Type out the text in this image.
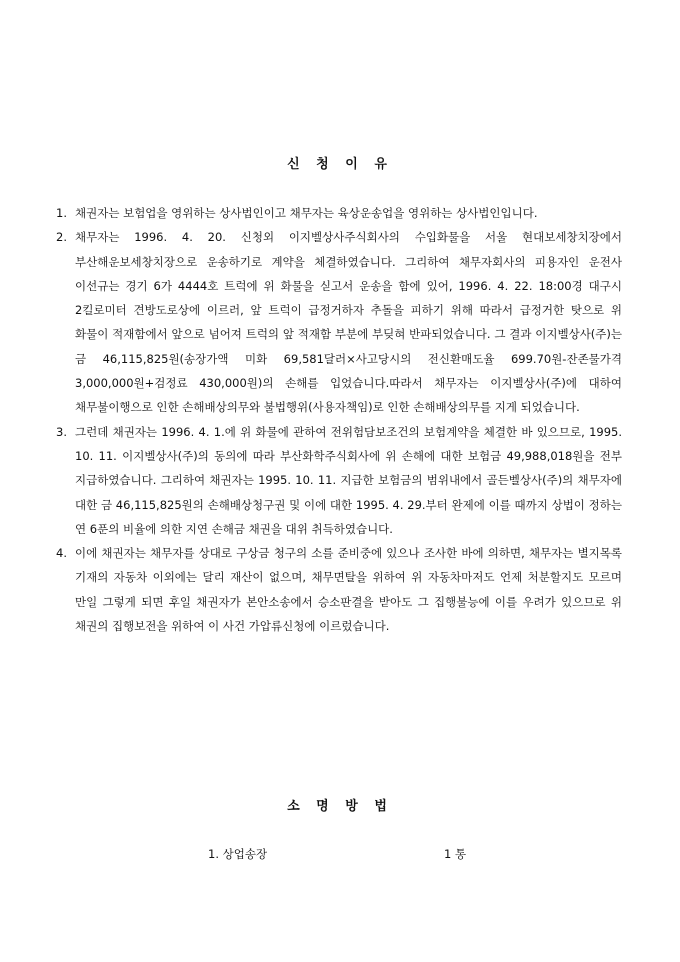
신 청 이 유
1. 채권자는 보험업을 영위하는 상사법인이고 채무자는 육상운송업을 영위하는 상사법인입니다.
2. 채무자는 1996. 4. 20. 신청외 이지벨상사주식회사의 수입화물을 서울 현대보세창치장에서 부산해운보세창치장으로 운송하기로 계약을 체결하였습니다. 그리하여 채무자회사의 피용자인 운전사 이선규는 경기 6가 4444호 트럭에 위 화물을 싣고서 운송을 함에 있어, 1996. 4. 22. 18:00경 대구시 2킬로미터 견방도로상에 이르러, 앞 트럭이 급정거하자 추돌을 피하기 위해 따라서 급정거한 탓으로 위 화물이 적재함에서 앞으로 넘어져 트럭의 앞 적재함 부분에 부딪혀 반파되었습니다. 그 결과 이지벨상사(주)는 금 46,115,825원(송장가액 미화 69,581달러×사고당시의 전신환매도율 699.70원-잔존물가격 3,000,000원+검정료 430,000원)의 손해를 입었습니다.따라서 채무자는 이지벨상사(주)에 대하여 채무불이행으로 인한 손해배상의무와 불법행위(사용자책임)로 인한 손해배상의무를 지게 되었습니다.
3. 그런데 채권자는 1996. 4. 1.에 위 화물에 관하여 전위험담보조건의 보험계약을 체결한 바 있으므로, 1995. 10. 11. 이지벨상사(주)의 동의에 따라 부산화학주식회사에 위 손해에 대한 보험금 49,988,018원을 전부 지급하였습니다. 그리하여 채권자는 1995. 10. 11. 지급한 보험금의 범위내에서 골든벨상사(주)의 채무자에 대한 금 46,115,825원의 손해배상청구권 및 이에 대한 1995. 4. 29.부터 완제에 이를 때까지 상법이 정하는 연 6푼의 비율에 의한 지연 손해금 채권을 대위 취득하였습니다.
4. 이에 채권자는 채무자를 상대로 구상금 청구의 소를 준비중에 있으나 조사한 바에 의하면, 채무자는 별지목록 기재의 자동차 이외에는 달리 재산이 없으며, 채무면탈을 위하여 위 자동차마저도 언제 처분할지도 모르며 만일 그렇게 되면 후일 채권자가 본안소송에서 승소판결을 받아도 그 집행불능에 이를 우려가 있으므로 위 채권의 집행보전을 위하여 이 사건 가압류신청에 이르렀습니다.
소 명 방 법
1. 상업송장	1 통
